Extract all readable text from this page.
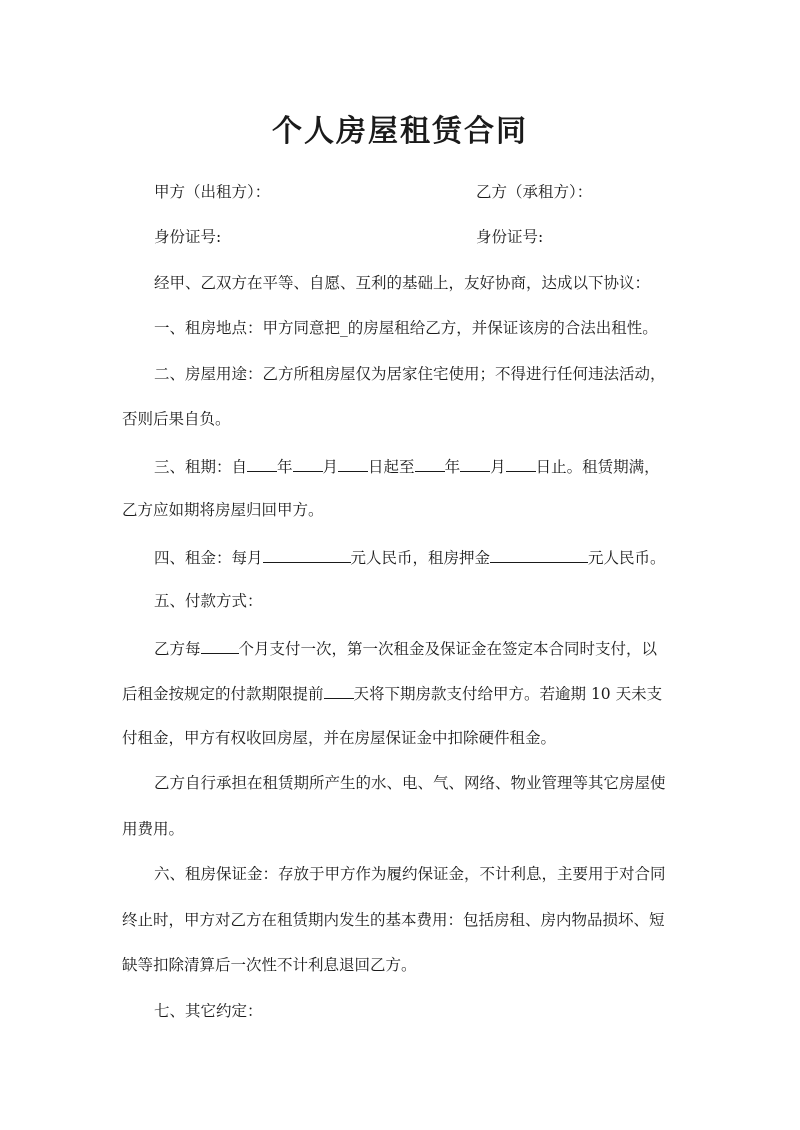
个人房屋租赁合同
甲方（出租方）：	乙方（承租方）：
身份证号:	身份证号:
经甲、乙双方在平等、自愿、互利的基础上，友好协商，达成以下协议：
一、租房地点：甲方同意把_的房屋租给乙方，并保证该房的合法出租性。
二、房屋用途：乙方所租房屋仅为居家住宅使用；不得进行任何违法活动，
否则后果自负。
三、租期：自 年 月 日起至 年 月 日止。租赁期满，
乙方应如期将房屋归回甲方。
四、租金：每月	元人民币，租房押金	元人民币。
五、付款方式：
乙方每 个月支付一次，第一次租金及保证金在签定本合同时支付，以
后租金按规定的付款期限提前 天将下期房款支付给甲方。若逾期 10 天未支
付租金，甲方有权收回房屋，并在房屋保证金中扣除硬件租金。
乙方自行承担在租赁期所产生的水、电、气、网络、物业管理等其它房屋使
用费用。
六、租房保证金：存放于甲方作为履约保证金，不计利息，主要用于对合同
终止时，甲方对乙方在租赁期内发生的基本费用：包括房租、房内物品损坏、短
缺等扣除清算后一次性不计利息退回乙方。
七、其它约定：
